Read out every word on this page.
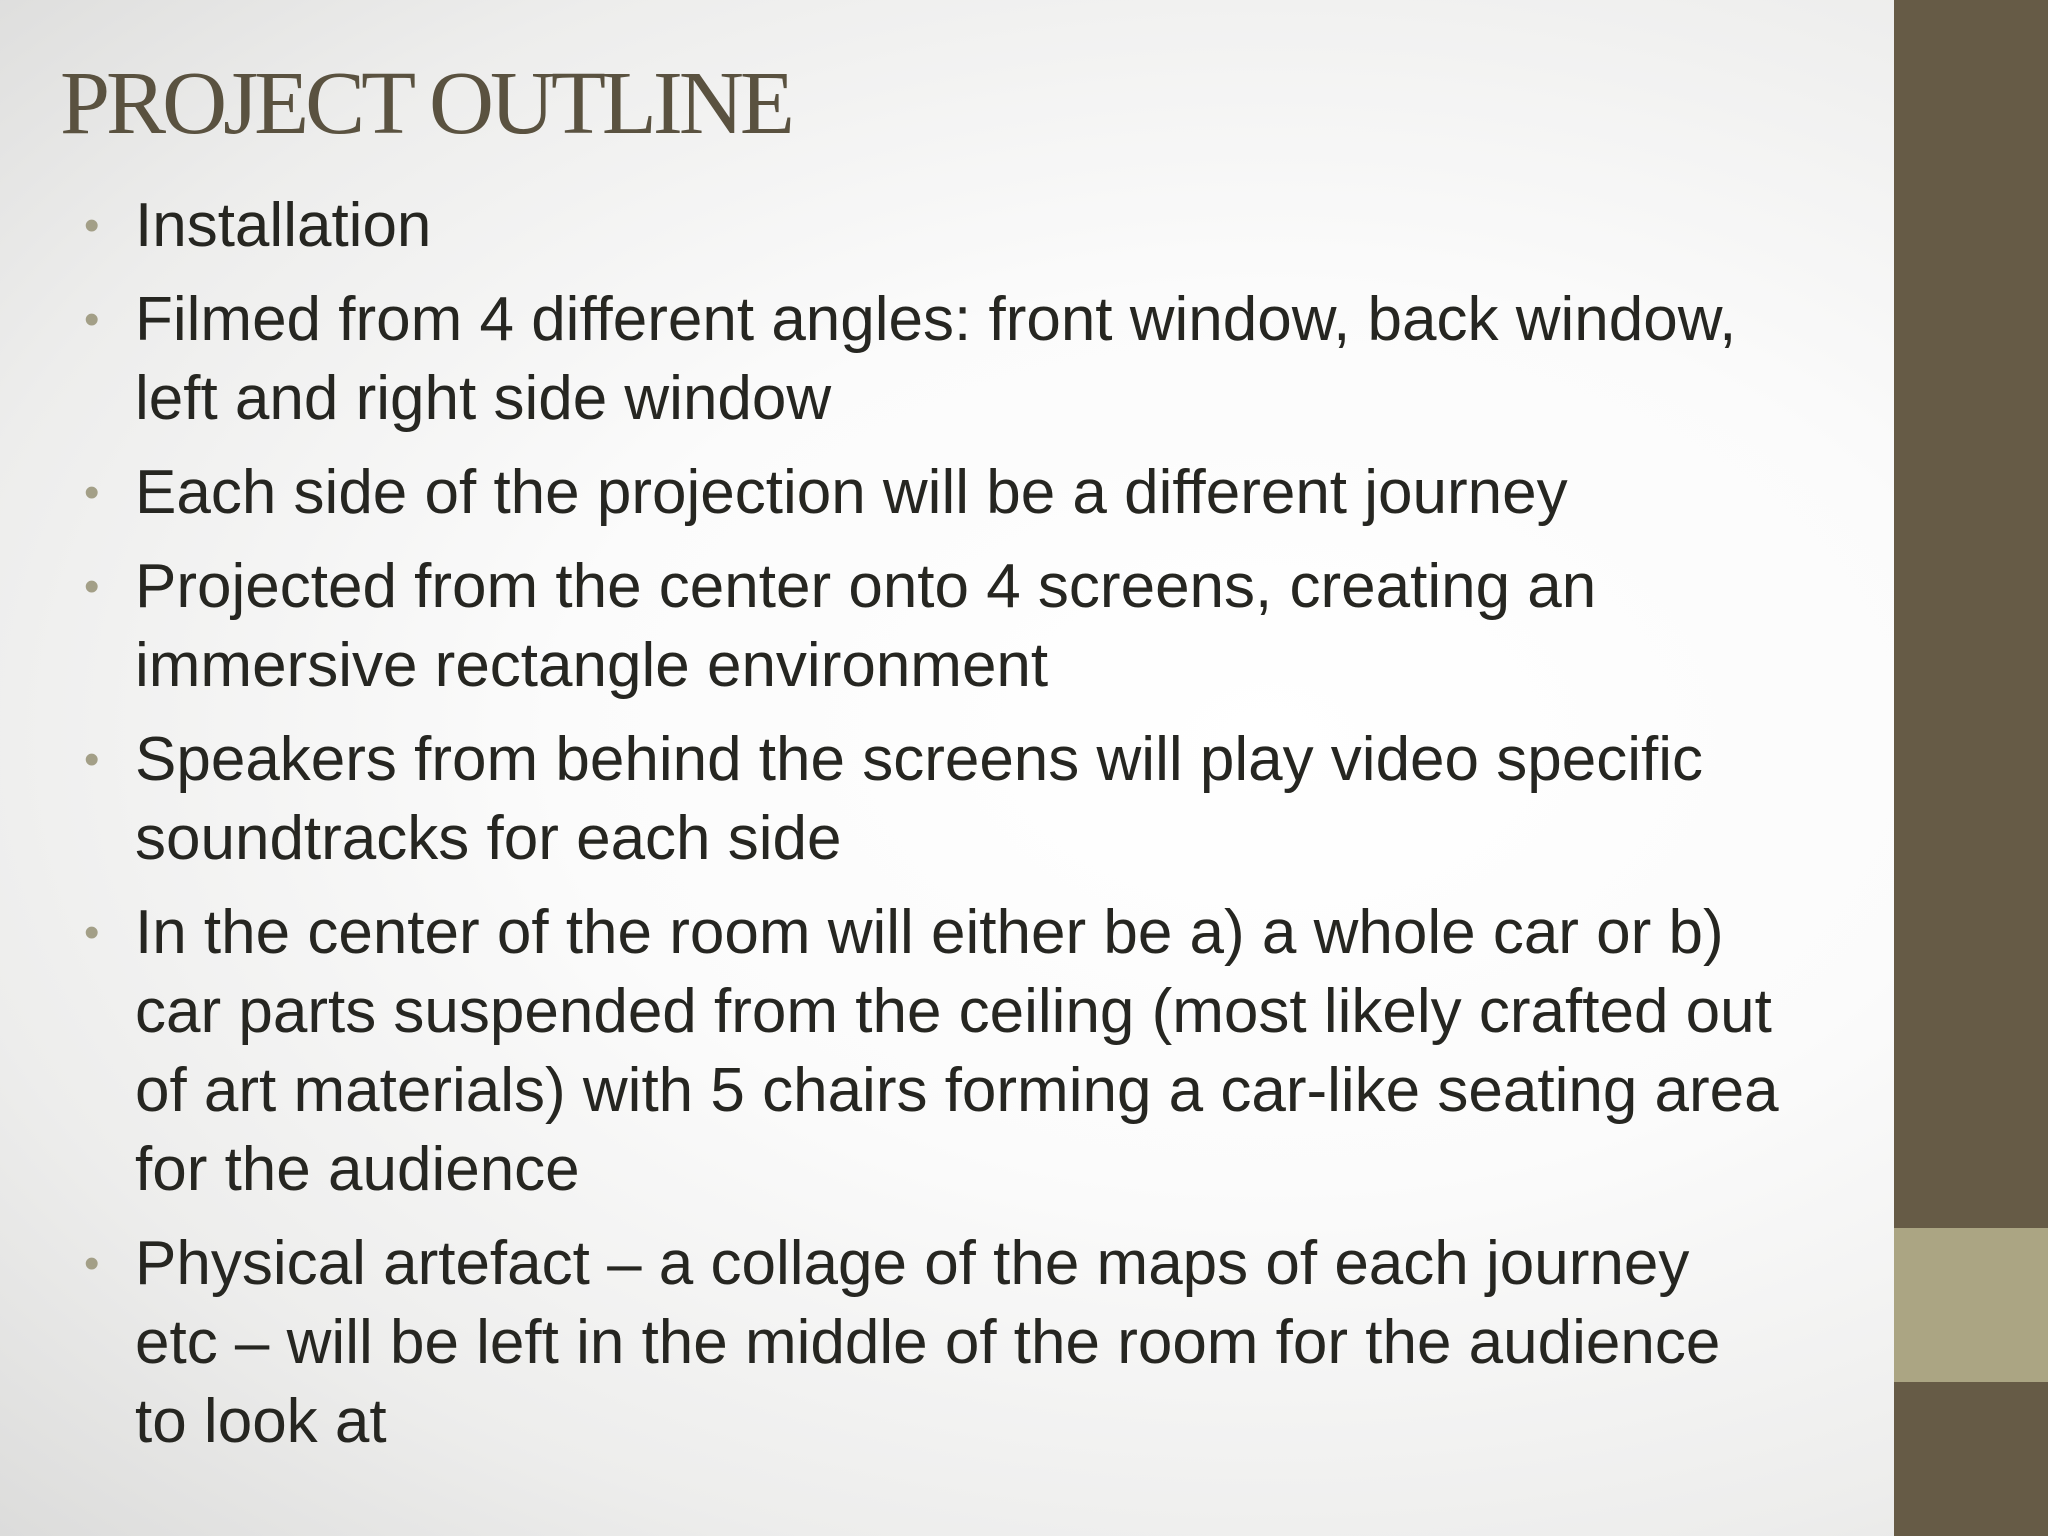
PROJECT OUTLINE
• Installation
• Filmed from 4 different angles: front window, back window, left and right side window
• Each side of the projection will be a different journey
• Projected from the center onto 4 screens, creating an immersive rectangle environment
• Speakers from behind the screens will play video specific soundtracks for each side
• In the center of the room will either be a) a whole car or b) car parts suspended from the ceiling (most likely crafted out of art materials) with 5 chairs forming a car-like seating area for the audience
• Physical artefact – a collage of the maps of each journey etc – will be left in the middle of the room for the audience to look at
